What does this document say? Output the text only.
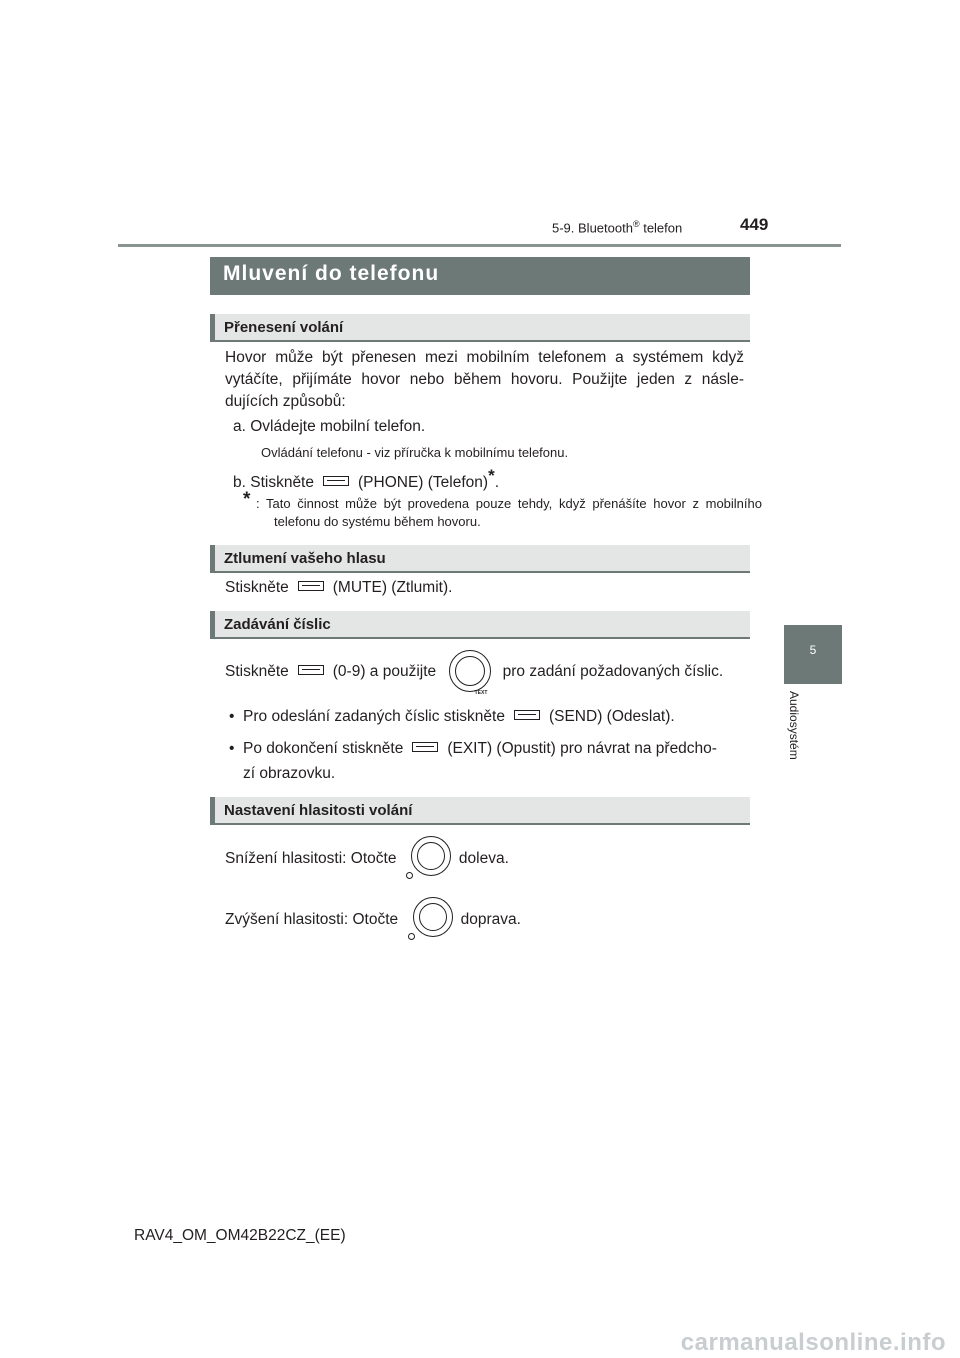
5-9. Bluetooth® telefon	449
5
Audiosystém
Mluvení do telefonu
Přenesení volání
Hovor může být přenesen mezi mobilním telefonem a systémem když vytáčíte, přijímáte hovor nebo během hovoru. Použijte jeden z násle-dujících způsobů:
a. Ovládejte mobilní telefon.
Ovládání telefonu - viz příručka k mobilnímu telefonu.
b. Stiskněte	(PHONE) (Telefon)*.
* : Tato činnost může být provedena pouze tehdy, když přenášíte hovor z mobilního telefonu do systému během hovoru.
Ztlumení vašeho hlasu
Stiskněte	(MUTE) (Ztlumit).
Zadávání číslic
Stiskněte	(0-9) a použijte
TEXT
pro zadání požadovaných číslic.
•  Pro odeslání zadaných číslic stiskněte	(SEND) (Odeslat).
•  Po dokončení stiskněte	(EXIT) (Opustit) pro návrat na předcho-
zí obrazovku.
Nastavení hlasitosti volání
Snížení hlasitosti: Otočte	doleva.
Zvýšení hlasitosti: Otočte	doprava.
RAV4_OM_OM42B22CZ_(EE)
carmanualsonline.info
